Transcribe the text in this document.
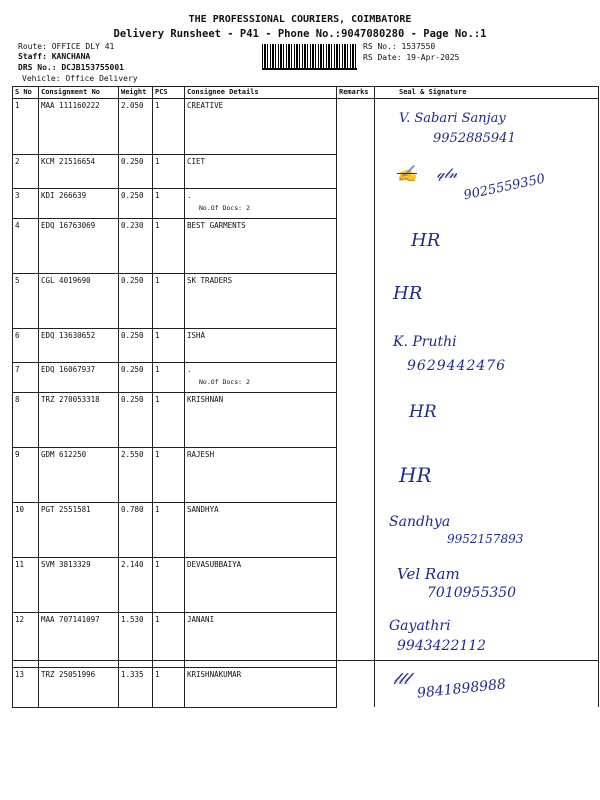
THE PROFESSIONAL COURIERS, COIMBATORE
Delivery Runsheet - P41 - Phone No.:9047080280 - Page No.:1
Route: OFFICE DLY 41
Staff: KANCHANA
DRS No.: DCJB153755001
Vehicle: Office Delivery
RS No.: 1537550
RS Date: 19-Apr-2025
S No	Consignment No	Weight	PCS	Consignee Details	Remarks	Seal & Signature
1	MAA 111160222	2.050	1	CREATIVE		V. Sabari Sanjay
9952885941

2	KCM 21516654	0.250	1	CIET		✍ 𝓆𝓁𝓃 9025559350

3	KDI 266639	0.250	1	.
No.Of Docs: 2		

4	EDQ 16763069	0.230	1	BEST GARMENTS		HR

5	CGL 4019690	0.250	1	SK TRADERS		HR

6	EDQ 13630652	0.250	1	ISHA		K. Pruthi
9629442476

7	EDQ 16067937	0.250	1	.
No.Of Docs: 2		

8	TRZ 270053318	0.250	1	KRISHNAN		HR

9	GDM 612250	2.550	1	RAJESH		HR

10	PGT 2551581	0.780	1	SANDHYA		Sandhya
9952157893

11	SVM 3813329	2.140	1	DEVASUBBAIYA		Vel Ram
7010955350

12	MAA 707141097	1.530	1	JANANI		Gayathri
9943422112

13	TRZ 25051996	1.335	1	KRISHNAKUMAR		𝓁𝓁𝓁 9841898988
